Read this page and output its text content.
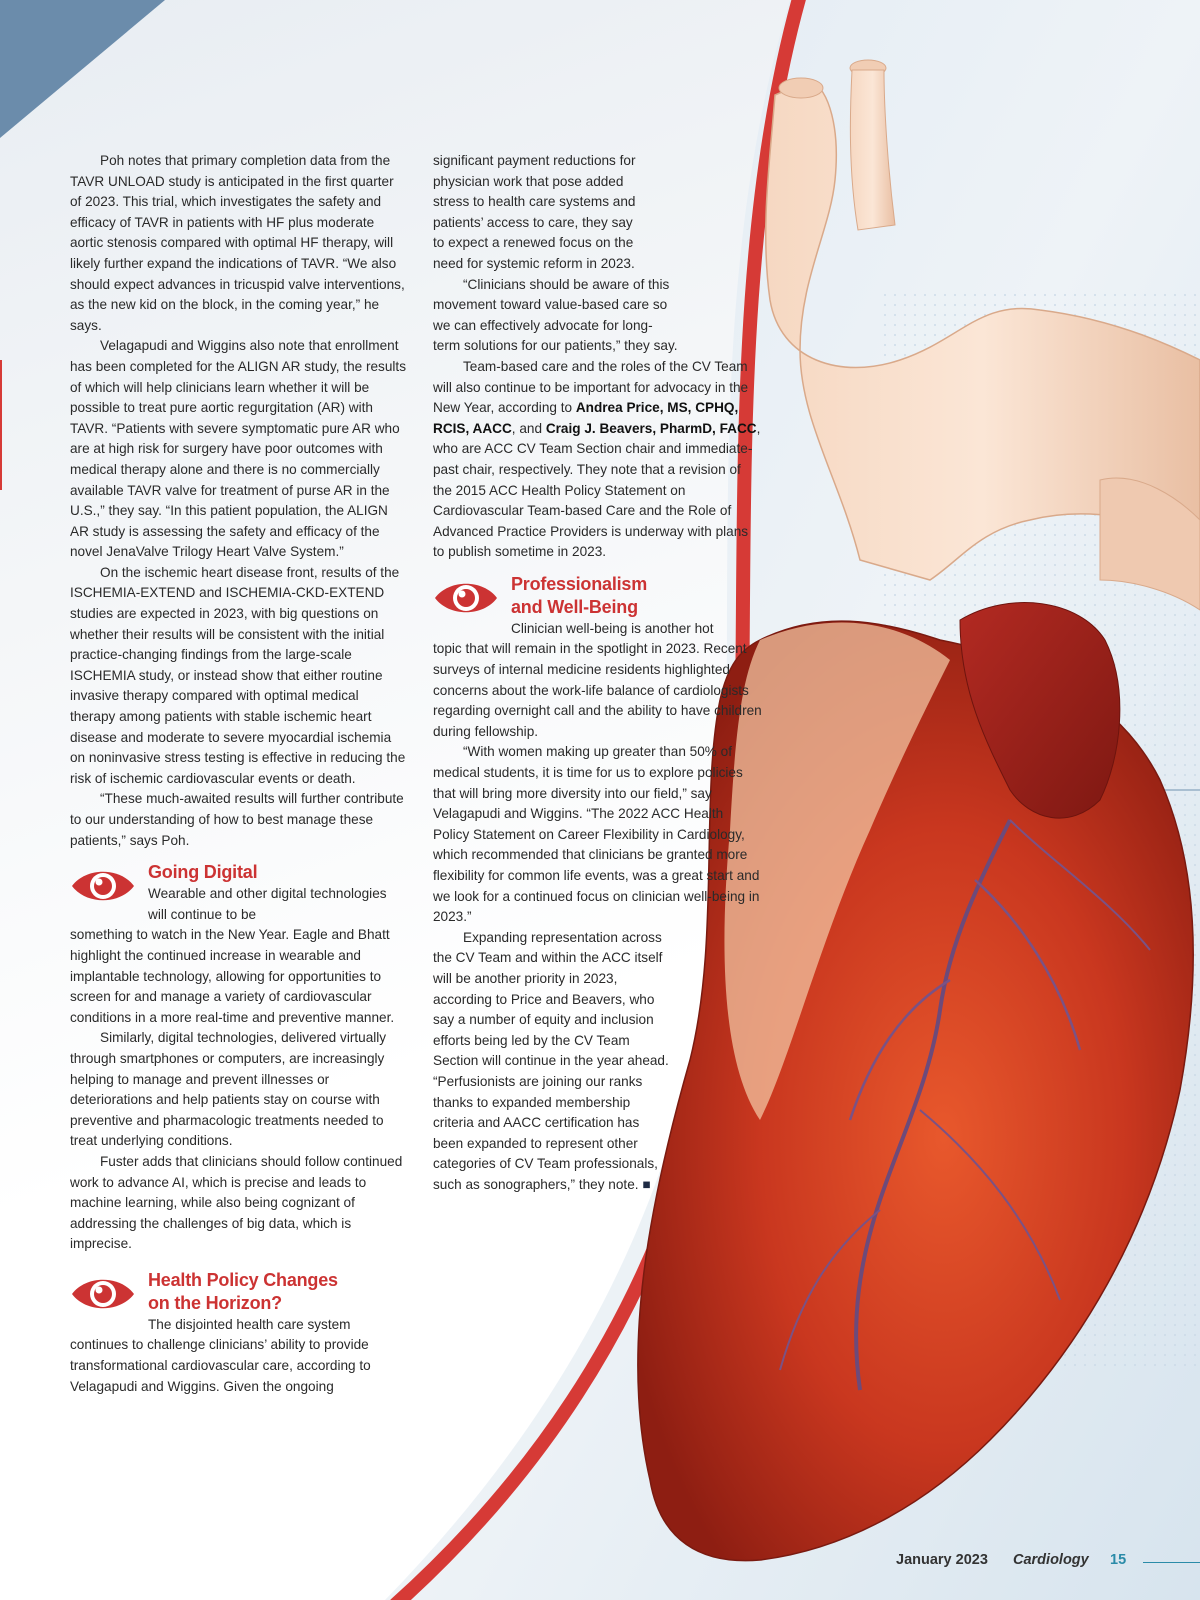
Poh notes that primary completion data from the TAVR UNLOAD study is anticipated in the first quarter of 2023. This trial, which investigates the safety and efficacy of TAVR in patients with HF plus moderate aortic stenosis compared with optimal HF therapy, will likely further expand the indications of TAVR. “We also should expect advances in tricuspid valve interventions, as the new kid on the block, in the coming year,” he says.

Velagapudi and Wiggins also note that enrollment has been completed for the ALIGN AR study, the results of which will help clinicians learn whether it will be possible to treat pure aortic regurgitation (AR) with TAVR. “Patients with severe symptomatic pure AR who are at high risk for surgery have poor outcomes with medical therapy alone and there is no commercially available TAVR valve for treatment of purse AR in the U.S.,” they say. “In this patient population, the ALIGN AR study is assessing the safety and efficacy of the novel JenaValve Trilogy Heart Valve System.”

On the ischemic heart disease front, results of the ISCHEMIA-EXTEND and ISCHEMIA-CKD-EXTEND studies are expected in 2023, with big questions on whether their results will be consistent with the initial practice-changing findings from the large-scale ISCHEMIA study, or instead show that either routine invasive therapy compared with optimal medical therapy among patients with stable ischemic heart disease and moderate to severe myocardial ischemia on noninvasive stress testing is effective in reducing the risk of ischemic cardiovascular events or death.

“These much-awaited results will further contribute to our understanding of how to best manage these patients,” says Poh.

Going Digital

Wearable and other digital technologies will continue to be

something to watch in the New Year. Eagle and Bhatt highlight the continued increase in wearable and implantable technology, allowing for opportunities to screen for and manage a variety of cardiovascular conditions in a more real-time and preventive manner.

Similarly, digital technologies, delivered virtually through smartphones or computers, are increasingly helping to manage and prevent illnesses or deteriorations and help patients stay on course with preventive and pharmacologic treatments needed to treat underlying conditions.

Fuster adds that clinicians should follow continued work to advance AI, which is precise and leads to machine learning, while also being cognizant of addressing the challenges of big data, which is imprecise.

Health Policy Changes
on the Horizon?

The disjointed health care system

continues to challenge clinicians’ ability to provide transformational cardiovascular care, according to Velagapudi and Wiggins. Given the ongoing

significant payment reductions for physician work that pose added stress to health care systems and patients’ access to care, they say to expect a renewed focus on the need for systemic reform in 2023.

“Clinicians should be aware of this movement toward value-based care so we can effectively advocate for long-term solutions for our patients,” they say.

Team-based care and the roles of the CV Team will also continue to be important for advocacy in the New Year, according to Andrea Price, MS, CPHQ, RCIS, AACC, and Craig J. Beavers, PharmD, FACC, who are ACC CV Team Section chair and immediate-past chair, respectively. They note that a revision of the 2015 ACC Health Policy Statement on Cardiovascular Team-based Care and the Role of Advanced Practice Providers is underway with plans to publish sometime in 2023.

Professionalism
and Well-Being

Clinician well-being is another hot

topic that will remain in the spotlight in 2023. Recent surveys of internal medicine residents highlighted concerns about the work-life balance of cardiologists regarding overnight call and the ability to have children during fellowship.

“With women making up greater than 50% of medical students, it is time for us to explore policies that will bring more diversity into our field,” say Velagapudi and Wiggins. “The 2022 ACC Health Policy Statement on Career Flexibility in Cardiology, which recommended that clinicians be granted more flexibility for common life events, was a great start and we look for a continued focus on clinician well-being in 2023.”

Expanding representation across the CV Team and within the ACC itself will be another priority in 2023, according to Price and Beavers, who say a number of equity and inclusion efforts being led by the CV Team Section will continue in the year ahead. “Perfusionists are joining our ranks thanks to expanded membership criteria and AACC certification has been expanded to represent other categories of CV Team professionals, such as sonographers,” they note. ■

January 2023 Cardiology 15
